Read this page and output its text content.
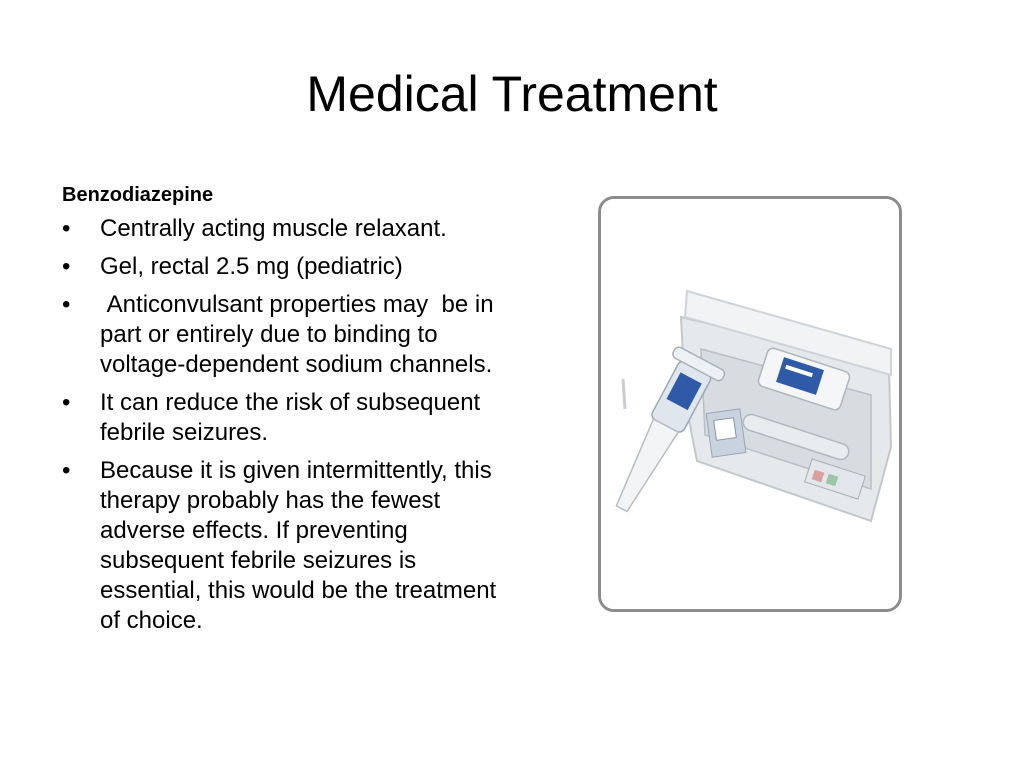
Medical Treatment
Benzodiazepine
•	Centrally acting muscle relaxant.
•	Gel, rectal 2.5 mg (pediatric)
•	Anticonvulsant properties may  be in part or entirely due to binding to voltage-dependent sodium channels.
•	It can reduce the risk of subsequent febrile seizures.
•	Because it is given intermittently, this therapy probably has the fewest adverse effects. If preventing subsequent febrile seizures is essential, this would be the treatment of choice.
